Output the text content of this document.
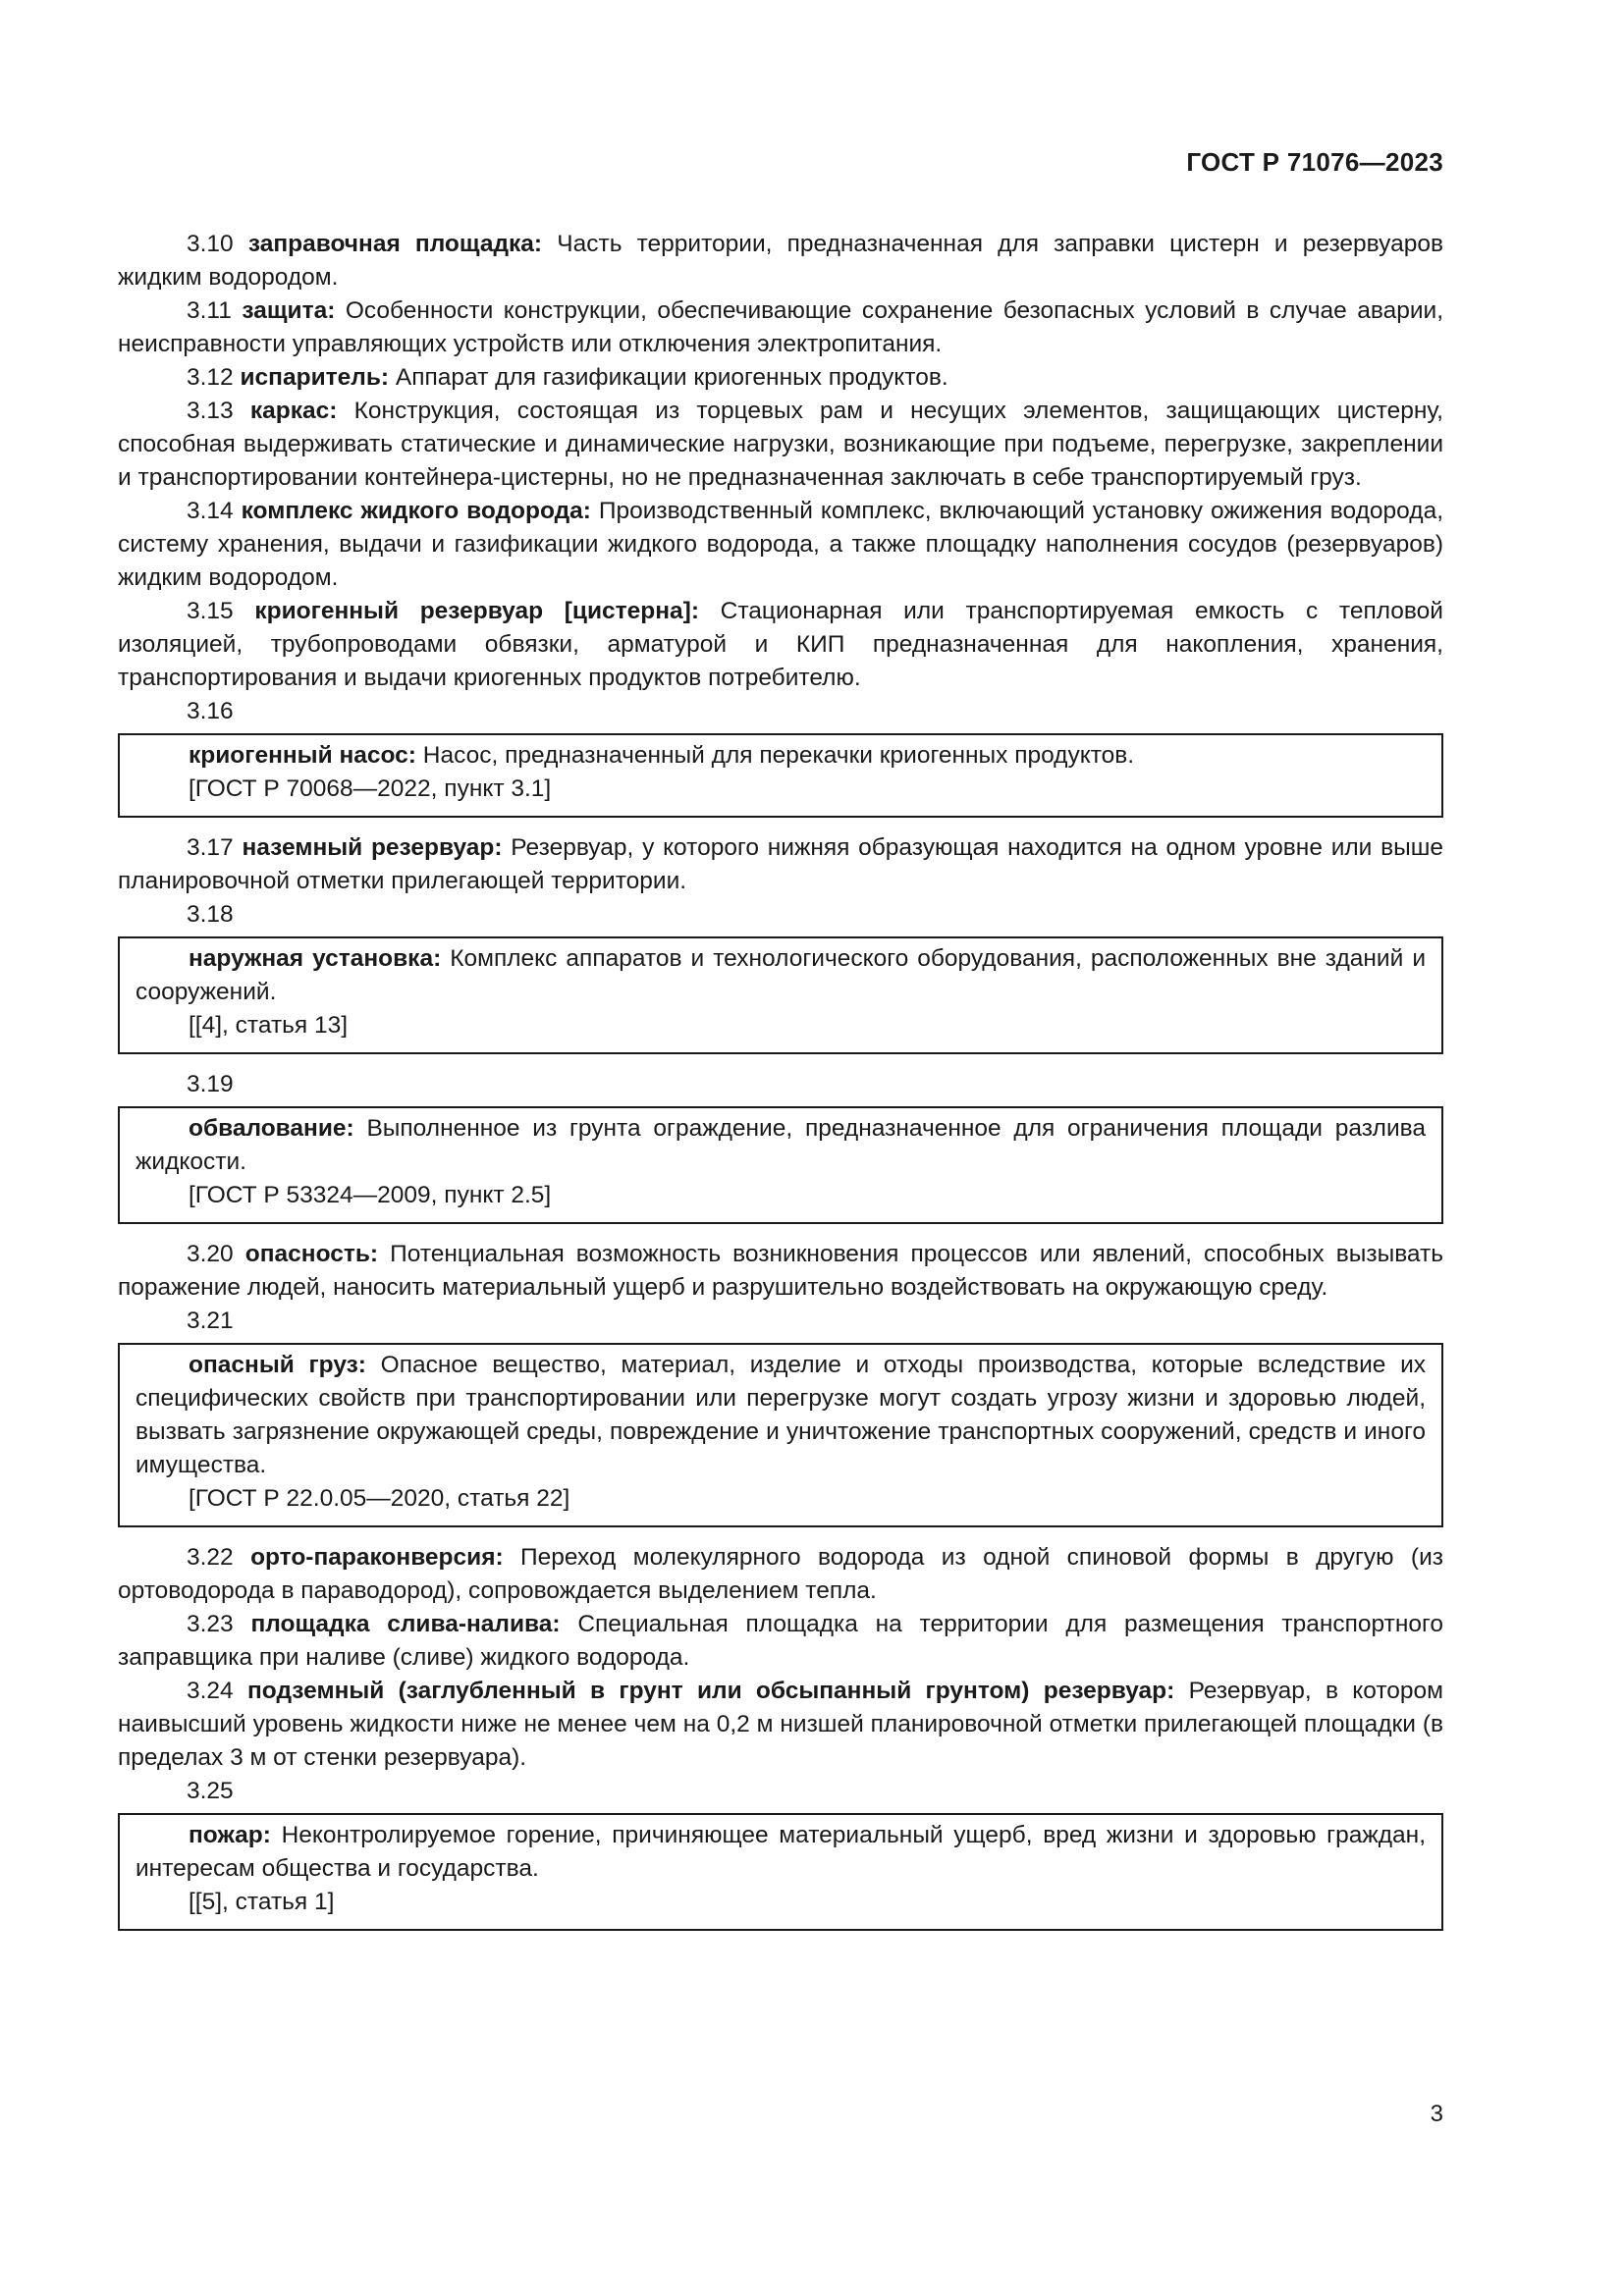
ГОСТ Р 71076—2023

3.10 заправочная площадка: Часть территории, предназначенная для заправки цистерн и резервуаров жидким водородом.

3.11 защита: Особенности конструкции, обеспечивающие сохранение безопасных условий в случае аварии, неисправности управляющих устройств или отключения электропитания.

3.12 испаритель: Аппарат для газификации криогенных продуктов.

3.13 каркас: Конструкция, состоящая из торцевых рам и несущих элементов, защищающих цистерну, способная выдерживать статические и динамические нагрузки, возникающие при подъеме, перегрузке, закреплении и транспортировании контейнера-цистерны, но не предназначенная заключать в себе транспортируемый груз.

3.14 комплекс жидкого водорода: Производственный комплекс, включающий установку ожижения водорода, систему хранения, выдачи и газификации жидкого водорода, а также площадку наполнения сосудов (резервуаров) жидким водородом.

3.15 криогенный резервуар [цистерна]: Стационарная или транспортируемая емкость с тепловой изоляцией, трубопроводами обвязки, арматурой и КИП предназначенная для накопления, хранения, транспортирования и выдачи криогенных продуктов потребителю.

3.16

криогенный насос: Насос, предназначенный для перекачки криогенных продуктов.

[ГОСТ Р 70068—2022, пункт 3.1]

3.17 наземный резервуар: Резервуар, у которого нижняя образующая находится на одном уровне или выше планировочной отметки прилегающей территории.

3.18

наружная установка: Комплекс аппаратов и технологического оборудования, расположенных вне зданий и сооружений.

[[4], статья 13]

3.19

обвалование: Выполненное из грунта ограждение, предназначенное для ограничения площади разлива жидкости.

[ГОСТ Р 53324—2009, пункт 2.5]

3.20 опасность: Потенциальная возможность возникновения процессов или явлений, способных вызывать поражение людей, наносить материальный ущерб и разрушительно воздействовать на окружающую среду.

3.21

опасный груз: Опасное вещество, материал, изделие и отходы производства, которые вследствие их специфических свойств при транспортировании или перегрузке могут создать угрозу жизни и здоровью людей, вызвать загрязнение окружающей среды, повреждение и уничтожение транспортных сооружений, средств и иного имущества.

[ГОСТ Р 22.0.05—2020, статья 22]

3.22 орто-параконверсия: Переход молекулярного водорода из одной спиновой формы в другую (из ортоводорода в параводород), сопровождается выделением тепла.

3.23 площадка слива-налива: Специальная площадка на территории для размещения транспортного заправщика при наливе (сливе) жидкого водорода.

3.24 подземный (заглубленный в грунт или обсыпанный грунтом) резервуар: Резервуар, в котором наивысший уровень жидкости ниже не менее чем на 0,2 м низшей планировочной отметки прилегающей площадки (в пределах 3 м от стенки резервуара).

3.25

пожар: Неконтролируемое горение, причиняющее материальный ущерб, вред жизни и здоровью граждан, интересам общества и государства.

[[5], статья 1]

3
